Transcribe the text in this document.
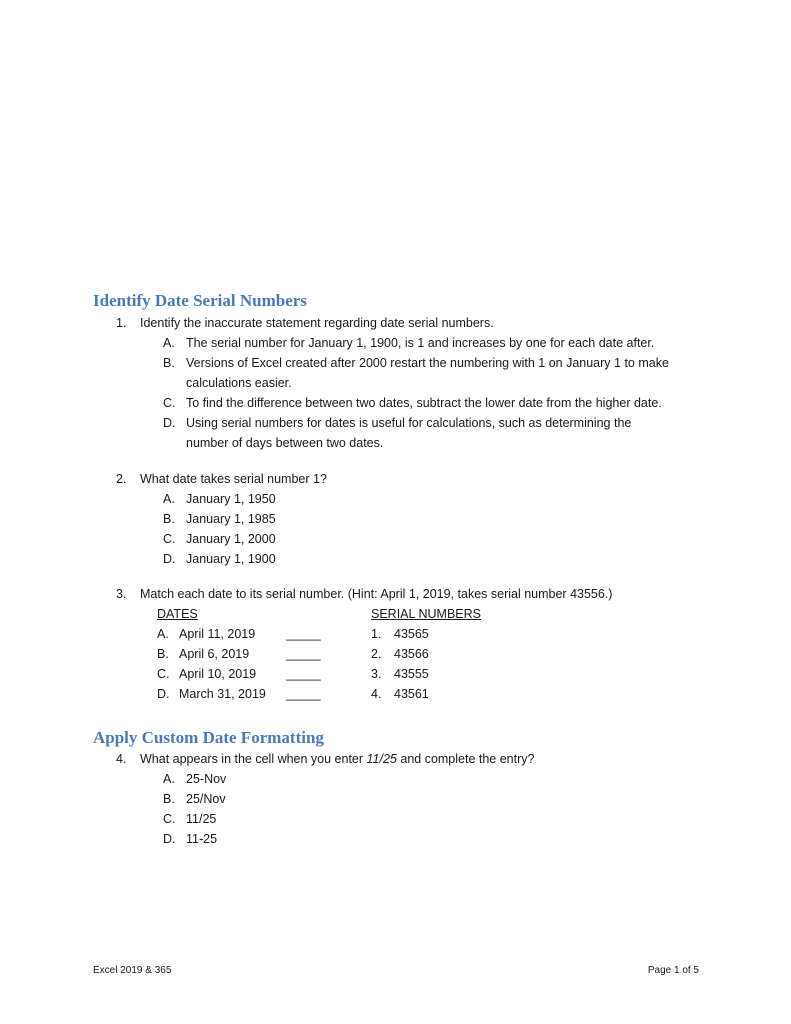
Identify Date Serial Numbers
1. Identify the inaccurate statement regarding date serial numbers.
A. The serial number for January 1, 1900, is 1 and increases by one for each date after.
B. Versions of Excel created after 2000 restart the numbering with 1 on January 1 to make
calculations easier.
C. To find the difference between two dates, subtract the lower date from the higher date.
D. Using serial numbers for dates is useful for calculations, such as determining the
number of days between two dates.
2. What date takes serial number 1?
A. January 1, 1950
B. January 1, 1985
C. January 1, 2000
D. January 1, 1900
3. Match each date to its serial number. (Hint: April 1, 2019, takes serial number 43556.)
DATES	SERIAL NUMBERS
A. April 11, 2019 _____	1. 43565
B. April 6, 2019	_____	2. 43566
C. April 10, 2019 _____	3. 43555
D. March 31, 2019 _____	4. 43561
Apply Custom Date Formatting
4. What appears in the cell when you enter 11/25 and complete the entry?
A. 25-Nov
B. 25/Nov
C. 11/25
D. 11-25
Excel 2019 & 365	Page 1 of 5
